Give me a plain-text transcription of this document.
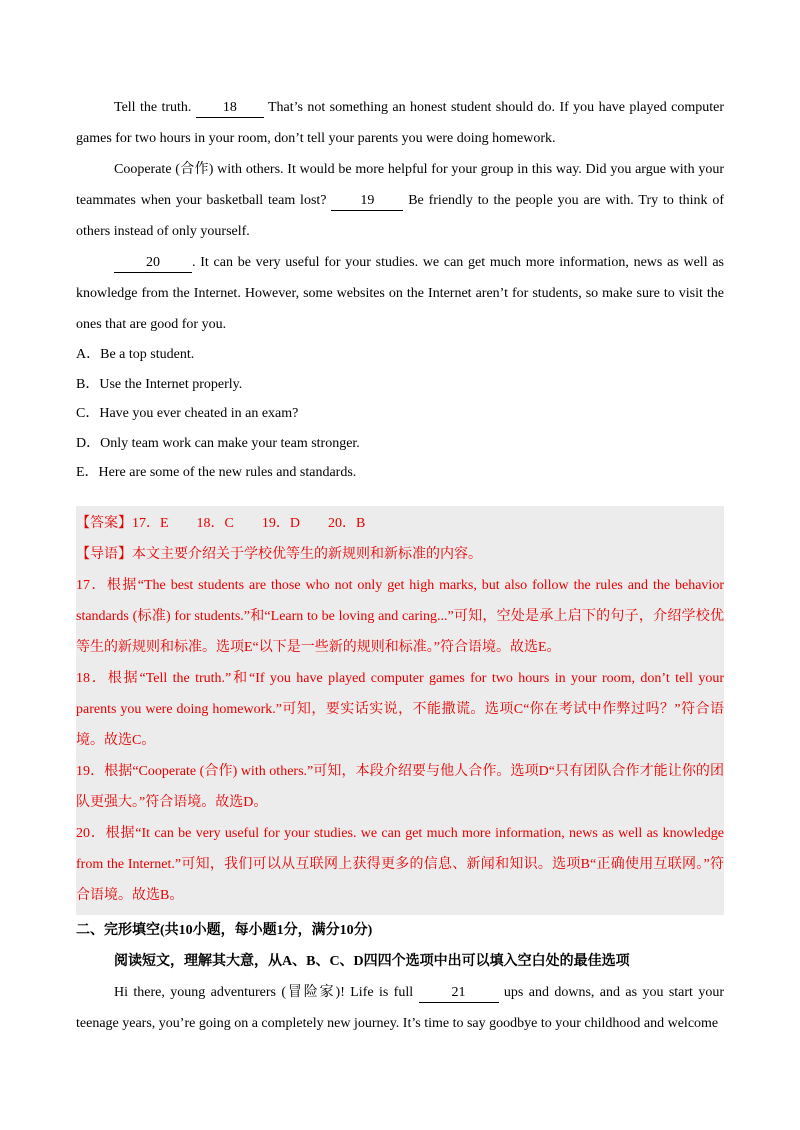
Tell the truth. 18 That’s not something an honest student should do. If you have played computer games for two hours in your room, don’t tell your parents you were doing homework.

Cooperate (合作) with others. It would be more helpful for your group in this way. Did you argue with your teammates when your basketball team lost? 19 Be friendly to the people you are with. Try to think of others instead of only yourself.

20 . It can be very useful for your studies. we can get much more information, news as well as knowledge from the Internet. However, some websites on the Internet aren’t for students, so make sure to visit the ones that are good for you.

A．Be a top student.

B．Use the Internet properly.

C．Have you ever cheated in an exam?

D．Only team work can make your team stronger.

E．Here are some of the new rules and standards.

【答案】17．E　　18．C　　19．D　　20．B

【导语】本文主要介绍关于学校优等生的新规则和新标准的内容。

17．根据“The best students are those who not only get high marks, but also follow the rules and the behavior standards (标准) for students.”和“Learn to be loving and caring...”可知，空处是承上启下的句子，介绍学校优等生的新规则和标准。选项E“以下是一些新的规则和标准。”符合语境。故选E。

18．根据“Tell the truth.”和“If you have played computer games for two hours in your room, don’t tell your parents you were doing homework.”可知，要实话实说，不能撒谎。选项C“你在考试中作弊过吗？”符合语境。故选C。

19．根据“Cooperate (合作) with others.”可知，本段介绍要与他人合作。选项D“只有团队合作才能让你的团队更强大。”符合语境。故选D。

20．根据“It can be very useful for your studies. we can get much more information, news as well as knowledge from the Internet.”可知，我们可以从互联网上获得更多的信息、新闻和知识。选项B“正确使用互联网。”符合语境。故选B。

二、完形填空(共10小题，每小题1分，满分10分)

阅读短文，理解其大意，从A、B、C、D四四个选项中出可以填入空白处的最佳选项

Hi there, young adventurers (冒险家)! Life is full 21 ups and downs, and as you start your teenage years, you’re going on a completely new journey. It’s time to say goodbye to your childhood and welcome
